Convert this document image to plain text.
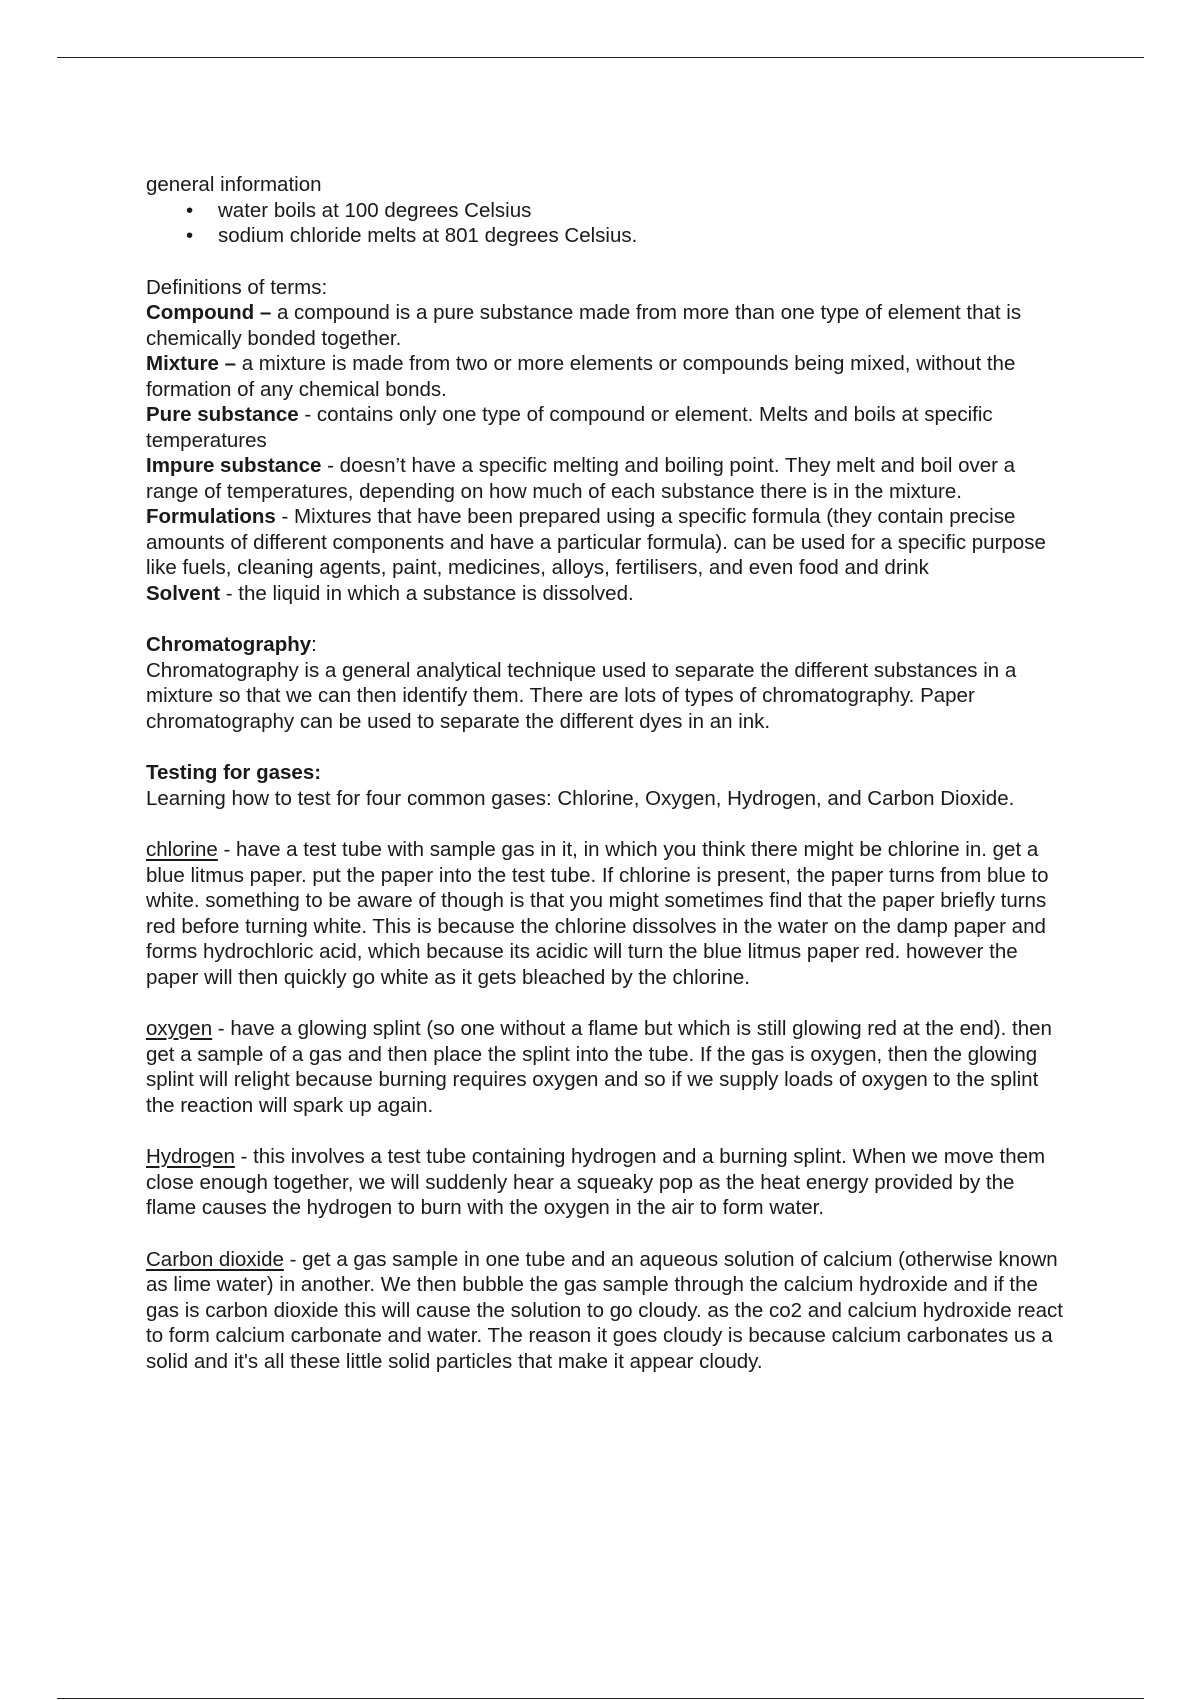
general information

• water boils at 100 degrees Celsius
• sodium chloride melts at 801 degrees Celsius.

Definitions of terms:

Compound – a compound is a pure substance made from more than one type of element that is chemically bonded together.

Mixture – a mixture is made from two or more elements or compounds being mixed, without the formation of any chemical bonds.

Pure substance - contains only one type of compound or element. Melts and boils at specific temperatures

Impure substance - doesn’t have a specific melting and boiling point. They melt and boil over a range of temperatures, depending on how much of each substance there is in the mixture.

Formulations - Mixtures that have been prepared using a specific formula (they contain precise amounts of different components and have a particular formula). can be used for a specific purpose like fuels, cleaning agents, paint, medicines, alloys, fertilisers, and even food and drink

Solvent - the liquid in which a substance is dissolved.

Chromatography:

Chromatography is a general analytical technique used to separate the different substances in a mixture so that we can then identify them. There are lots of types of chromatography. Paper chromatography can be used to separate the different dyes in an ink.

Testing for gases:

Learning how to test for four common gases: Chlorine, Oxygen, Hydrogen, and Carbon Dioxide.

chlorine - have a test tube with sample gas in it, in which you think there might be chlorine in. get a blue litmus paper. put the paper into the test tube. If chlorine is present, the paper turns from blue to white. something to be aware of though is that you might sometimes find that the paper briefly turns red before turning white. This is because the chlorine dissolves in the water on the damp paper and forms hydrochloric acid, which because its acidic will turn the blue litmus paper red. however the paper will then quickly go white as it gets bleached by the chlorine.

oxygen - have a glowing splint (so one without a flame but which is still glowing red at the end). then get a sample of a gas and then place the splint into the tube. If the gas is oxygen, then the glowing splint will relight because burning requires oxygen and so if we supply loads of oxygen to the splint the reaction will spark up again.

Hydrogen - this involves a test tube containing hydrogen and a burning splint. When we move them close enough together, we will suddenly hear a squeaky pop as the heat energy provided by the flame causes the hydrogen to burn with the oxygen in the air to form water.

Carbon dioxide - get a gas sample in one tube and an aqueous solution of calcium (otherwise known as lime water) in another. We then bubble the gas sample through the calcium hydroxide and if the gas is carbon dioxide this will cause the solution to go cloudy. as the co2 and calcium hydroxide react to form calcium carbonate and water. The reason it goes cloudy is because calcium carbonates us a solid and it's all these little solid particles that make it appear cloudy.
